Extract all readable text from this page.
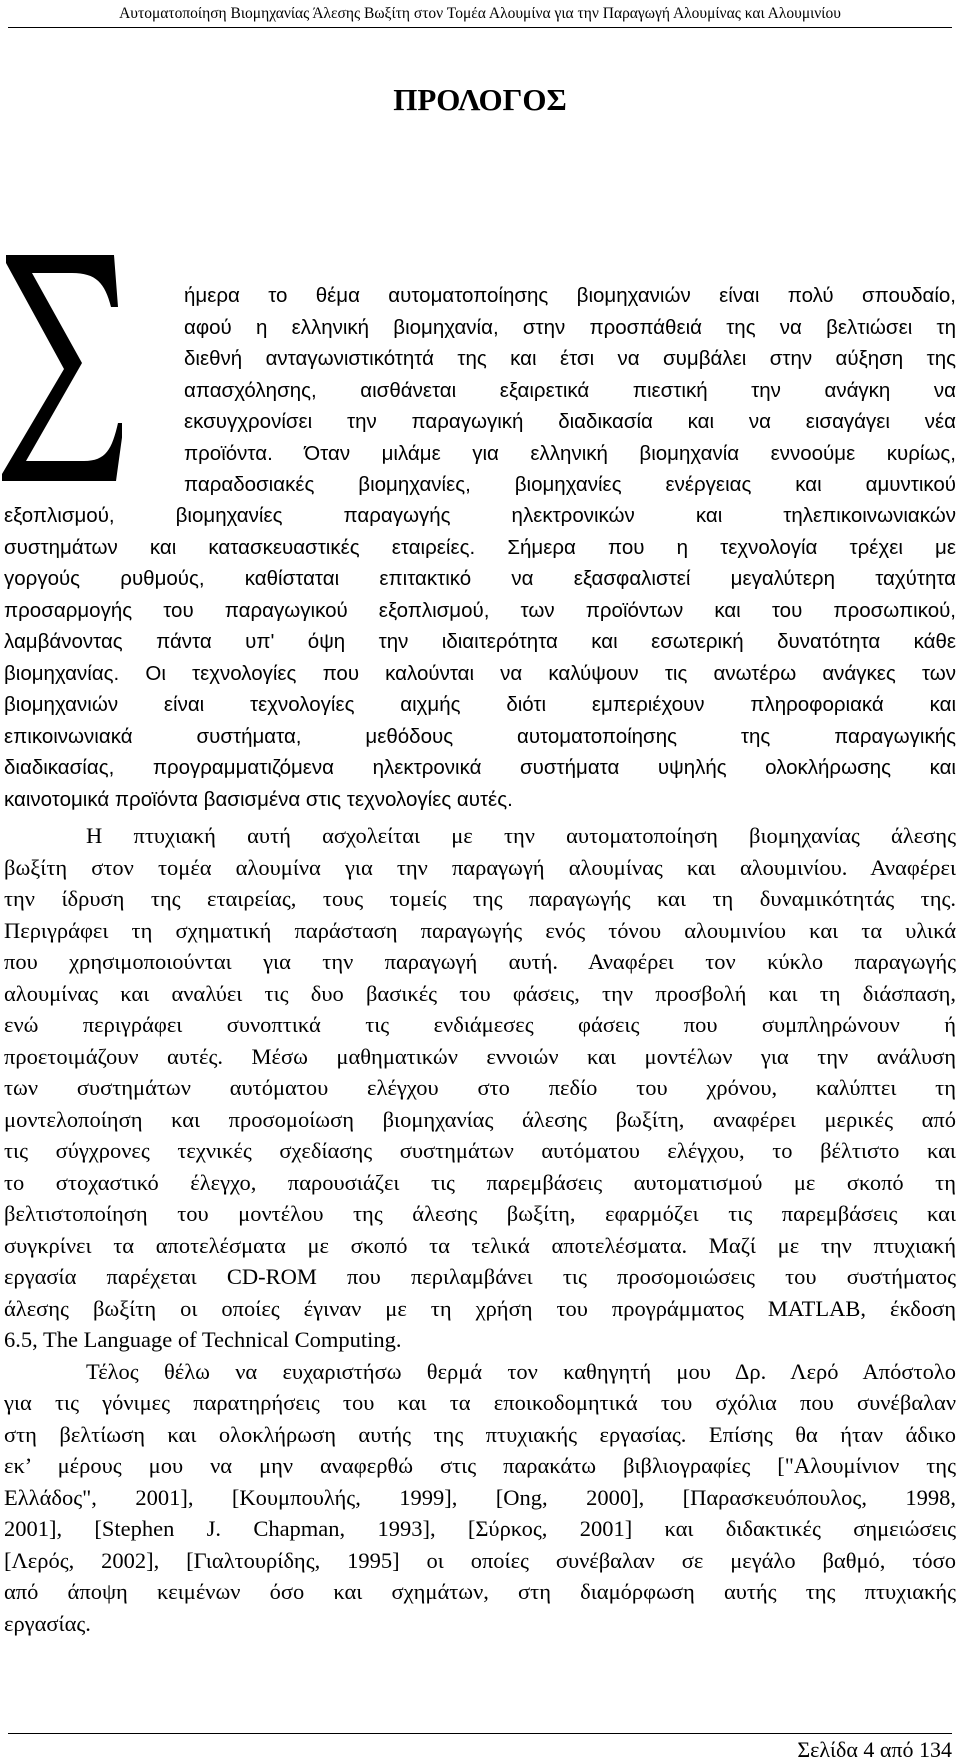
Αυτοματοποίηση Βιομηχανίας Άλεσης Βωξίτη στον Τομέα Αλουμίνα για την Παραγωγή Αλουμίνας και Αλουμινίου
ΠΡΟΛΟΓΟΣ
ήμερα το θέμα αυτοματοποίησης βιομηχανιών είναι πολύ σπουδαίο,
αφού η ελληνική βιομηχανία, στην προσπάθειά της να βελτιώσει τη
διεθνή ανταγωνιστικότητά της και έτσι να συμβάλει στην αύξηση της
απασχόλησης, αισθάνεται εξαιρετικά πιεστική την ανάγκη να
εκσυγχρονίσει την παραγωγική διαδικασία και να εισαγάγει νέα
προϊόντα. Όταν μιλάμε για ελληνική βιομηχανία εννοούμε κυρίως,
παραδοσιακές βιομηχανίες, βιομηχανίες ενέργειας και αμυντικού
εξοπλισμού, βιομηχανίες παραγωγής ηλεκτρονικών και τηλεπικοινωνιακών
συστημάτων και κατασκευαστικές εταιρείες. Σήμερα που η τεχνολογία τρέχει με
γοργούς ρυθμούς, καθίσταται επιτακτικό να εξασφαλιστεί μεγαλύτερη ταχύτητα
προσαρμογής του παραγωγικού εξοπλισμού, των προϊόντων και του προσωπικού,
λαμβάνοντας πάντα υπ' όψη την ιδιαιτερότητα και εσωτερική δυνατότητα κάθε
βιομηχανίας. Οι τεχνολογίες που καλούνται να καλύψουν τις ανωτέρω ανάγκες των
βιομηχανιών είναι τεχνολογίες αιχμής διότι εμπεριέχουν πληροφοριακά και
επικοινωνιακά συστήματα, μεθόδους αυτοματοποίησης της παραγωγικής
διαδικασίας, προγραμματιζόμενα ηλεκτρονικά συστήματα υψηλής ολοκλήρωσης και
καινοτομικά προϊόντα βασισμένα στις τεχνολογίες αυτές.
Η πτυχιακή αυτή ασχολείται με την αυτοματοποίηση βιομηχανίας άλεσης
βωξίτη στον τομέα αλουμίνα για την παραγωγή αλουμίνας και αλουμινίου. Αναφέρει
την ίδρυση της εταιρείας, τους τομείς της παραγωγής και τη δυναμικότητάς της.
Περιγράφει τη σχηματική παράσταση παραγωγής ενός τόνου αλουμινίου και τα υλικά
που χρησιμοποιούνται για την παραγωγή αυτή. Αναφέρει τον κύκλο παραγωγής
αλουμίνας και αναλύει τις δυο βασικές του φάσεις, την προσβολή και τη διάσπαση,
ενώ περιγράφει συνοπτικά τις ενδιάμεσες φάσεις που συμπληρώνουν ή
προετοιμάζουν αυτές. Μέσω μαθηματικών εννοιών και μοντέλων για την ανάλυση
των συστημάτων αυτόματου ελέγχου στο πεδίο του χρόνου, καλύπτει τη
μοντελοποίηση και προσομοίωση βιομηχανίας άλεσης βωξίτη, αναφέρει μερικές από
τις σύγχρονες τεχνικές σχεδίασης συστημάτων αυτόματου ελέγχου, το βέλτιστο και
το στοχαστικό έλεγχο, παρουσιάζει τις παρεμβάσεις αυτοματισμού με σκοπό τη
βελτιστοποίηση του μοντέλου της άλεσης βωξίτη, εφαρμόζει τις παρεμβάσεις και
συγκρίνει τα αποτελέσματα με σκοπό τα τελικά αποτελέσματα. Μαζί με την πτυχιακή
εργασία παρέχεται CD-ROM που περιλαμβάνει τις προσομοιώσεις του συστήματος
άλεσης βωξίτη οι οποίες έγιναν με τη χρήση του προγράμματος MATLAB, έκδοση
6.5, The Language of Technical Computing.
Τέλος θέλω να ευχαριστήσω θερμά τον καθηγητή μου Δρ. Λερό Απόστολο
για τις γόνιμες παρατηρήσεις του και τα εποικοδομητικά του σχόλια που συνέβαλαν
στη βελτίωση και ολοκλήρωση αυτής της πτυχιακής εργασίας. Επίσης θα ήταν άδικο
εκ’ μέρους μου να μην αναφερθώ στις παρακάτω βιβλιογραφίες ["Αλουμίνιον της
Ελλάδος", 2001], [Κουμπουλής, 1999], [Ong, 2000], [Παρασκευόπουλος, 1998,
2001], [Stephen J. Chapman, 1993], [Σύρκος, 2001] και διδακτικές σημειώσεις
[Λερός, 2002], [Γιαλτουρίδης, 1995] οι οποίες συνέβαλαν σε μεγάλο βαθμό, τόσο
από άποψη κειμένων όσο και σχημάτων, στη διαμόρφωση αυτής της πτυχιακής
εργασίας.
Σελίδα 4 από 134
